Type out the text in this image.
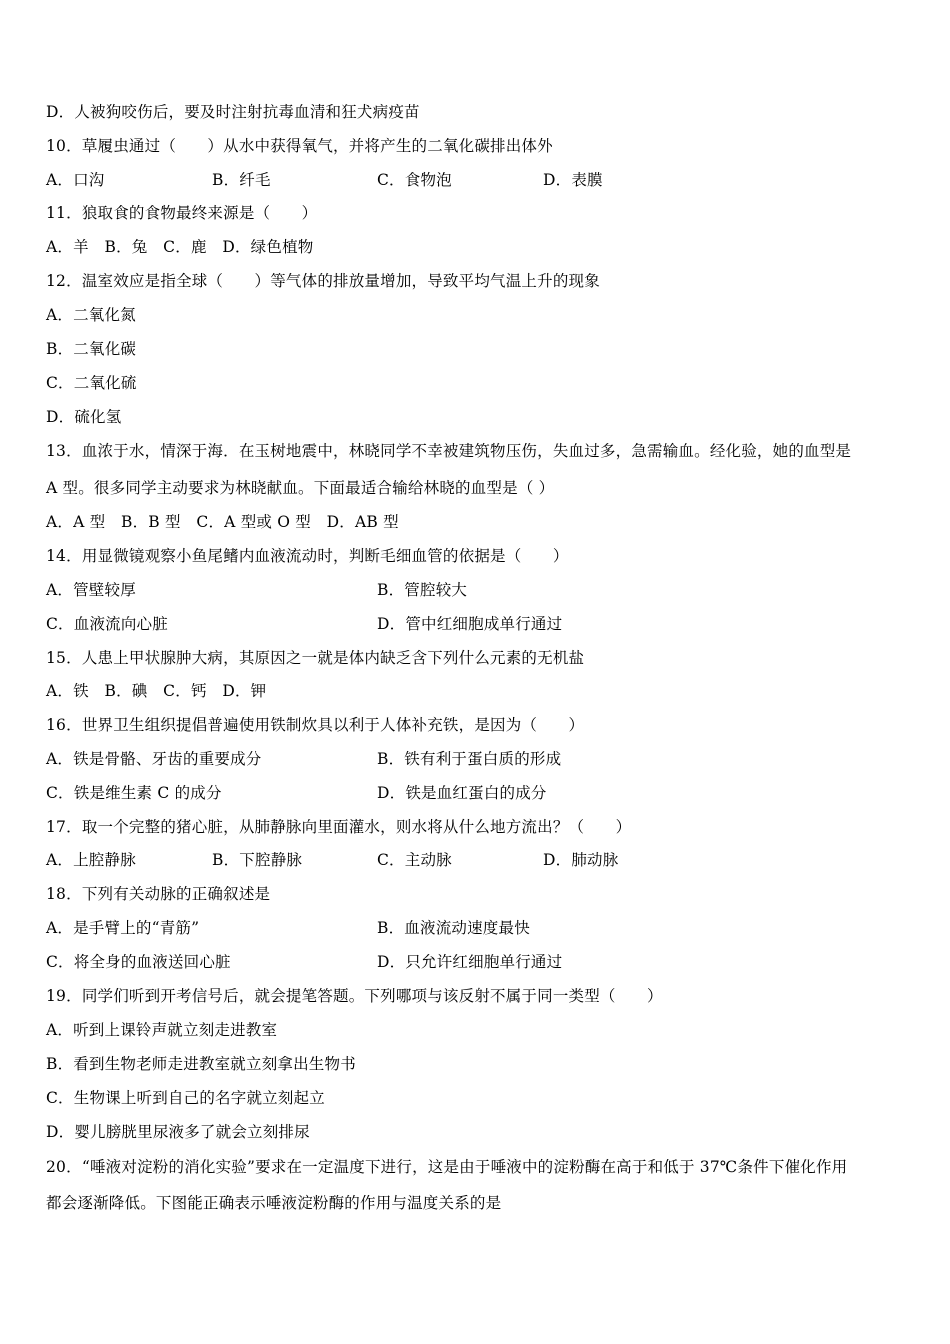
D．人被狗咬伤后，要及时注射抗毒血清和狂犬病疫苗
10．草履虫通过（　　）从水中获得氧气，并将产生的二氧化碳排出体外
A．口沟	B．纤毛	C．食物泡	D．表膜
11．狼取食的食物最终来源是（　　）
A．羊　B．兔　C．鹿　D．绿色植物
12．温室效应是指全球（　　）等气体的排放量增加，导致平均气温上升的现象
A．二氧化氮
B．二氧化碳
C．二氧化硫
D．硫化氢
13．血浓于水，情深于海．在玉树地震中，林晓同学不幸被建筑物压伤，失血过多，急需输血。经化验，她的血型是
A 型。很多同学主动要求为林晓献血。下面最适合输给林晓的血型是（ ）
A．A 型　B．B 型　C．A 型或 O 型　D．AB 型
14．用显微镜观察小鱼尾鳍内血液流动时，判断毛细血管的依据是（　　）
A．管壁较厚	B．管腔较大
C．血液流向心脏	D．管中红细胞成单行通过
15．人患上甲状腺肿大病，其原因之一就是体内缺乏含下列什么元素的无机盐
A．铁　B．碘　C．钙　D．钾
16．世界卫生组织提倡普遍使用铁制炊具以利于人体补充铁，是因为（　　）
A．铁是骨骼、牙齿的重要成分	B．铁有利于蛋白质的形成
C．铁是维生素 C 的成分	D．铁是血红蛋白的成分
17．取一个完整的猪心脏，从肺静脉向里面灌水，则水将从什么地方流出？（　　）
A．上腔静脉	B．下腔静脉	C．主动脉	D．肺动脉
18．下列有关动脉的正确叙述是
A．是手臂上的“青筋”	B．血液流动速度最快
C．将全身的血液送回心脏	D．只允许红细胞单行通过
19．同学们听到开考信号后，就会提笔答题。下列哪项与该反射不属于同一类型（　　）
A．听到上课铃声就立刻走进教室
B．看到生物老师走进教室就立刻拿出生物书
C．生物课上听到自己的名字就立刻起立
D．婴儿膀胱里尿液多了就会立刻排尿
20．“唾液对淀粉的消化实验”要求在一定温度下进行，这是由于唾液中的淀粉酶在高于和低于 37℃条件下催化作用
都会逐渐降低。下图能正确表示唾液淀粉酶的作用与温度关系的是
